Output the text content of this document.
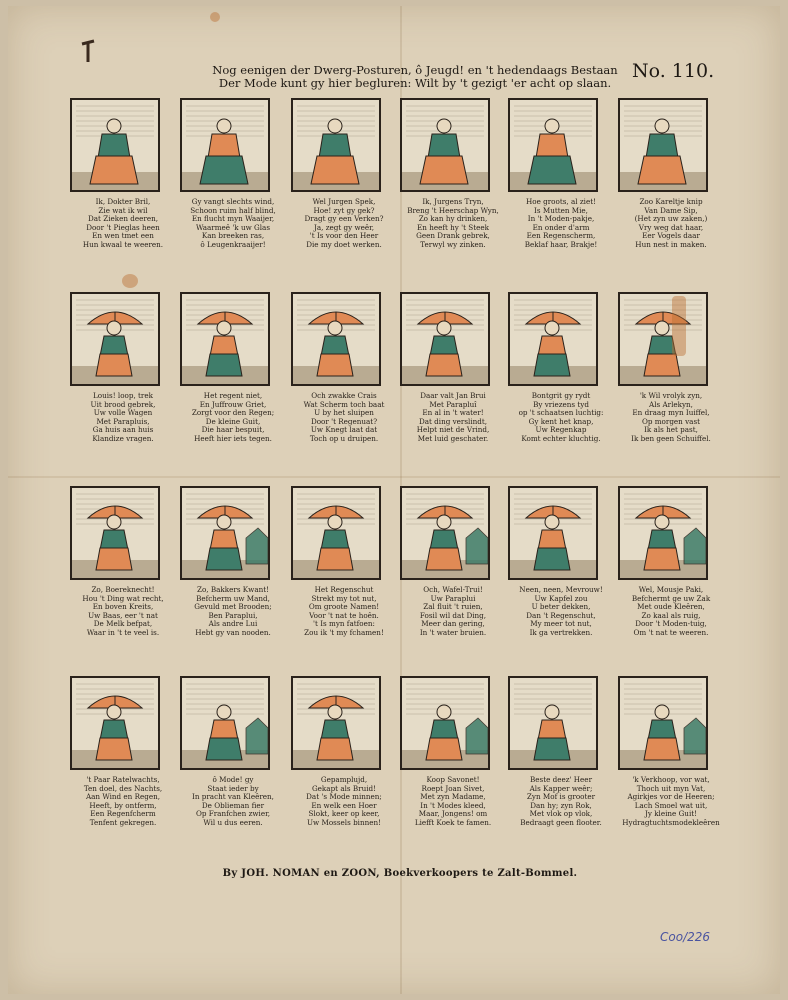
Nog eenigen der Dwerg-Posturen, ô Jeugd! en 't hedendaags Bestaan
Der Mode kunt gy hier begluren: Wilt by 't gezigt 'er acht op slaan.
No. 110.
Ik, Dokter Bril,
Zie wat ik wil
Dat Zieken deeren,
Door 't Pieglas heen
En wen tmet een
Hun kwaal te weeren.
Gy vangt slechts wind,
Schoon ruim half blind,
En flucht myn Waaijer,
Waarmeê 'k uw Glas
Kan breeken ras,
ô Leugenkraaijer!
Wel Jurgen Spek,
Hoe! zyt gy gek?
Dragt gy een Verken?
Ja, zegt gy weêr,
't Is voor den Heer
Die my doet werken.
Ik, Jurgens Tryn,
Breng 't Heerschap Wyn,
Zo kan hy drinken,
En heeft hy 't Steek
Geen Drank gebrek,
Terwyl wy zinken.
Hoe groots, al ziet!
Is Mutten Mie,
In 't Moden-pakje,
En onder d'arm
Een Regenscherm,
Beklaf haar, Brakje!
Zoo Kareltje knip
Van Dame Sip,
(Het zyn uw zaken,)
Vry weg dat haar,
Eer Vogels daar
Hun nest in maken.
Louis! loop, trek
Uit brood gebrek,
Uw volle Wagen
Met Parapluis,
Ga huis aan huis
Klandize vragen.
Het regent niet,
En Juffrouw Griet,
Zorgt voor den Regen;
De kleine Guit,
Die haar bespuit,
Heeft hier iets tegen.
Och zwakke Crais
Wat Scherm toch baat
U by het sluipen
Door 't Regenuat?
Uw Knegt laat dat
Toch op u druipen.
Daar valt Jan Brui
Met Parapluî
En al in 't water!
Dat ding verslindt,
Helpt niet de Vrind,
Met luid geschater.
Bontgrit gy rydt
By vriezens tyd
op 't schaatsen luchtig:
Gy kent het knap,
Uw Regenkap
Komt echter kluchtig.
'k Wil vrolyk zyn,
Als Arlekyn,
En draag myn Iuiffel,
Op morgen vast
Ik als het past,
Ik ben geen Schuiffel.
Zo, Boereknecht!
Hou 't Ding wat recht,
En boven Kreits,
Uw Baas, eer 't nat
De Melk befpat,
Waar in 't te veel is.
Zo, Bakkers Kwant!
Befcherm uw Mand,
Gevuld met Brooden;
Ben Paraplui,
Als andre Lui
Hebt gy van nooden.
Het Regenschut
Strekt my tot nut,
Om groote Namen!
Voor 't nat te hoên.
't Is myn fatfoen:
Zou ik 't my fchamen!
Och, Wafel-Trui!
Uw Paraplui
Zal fluit 't ruien,
Fosil wil dat Ding,
Meer dan gering,
In 't water bruien.
Neen, neen, Mevrouw!
Uw Kapfel zou
U beter dekken,
Dan 't Regenschut,
My meer tot nut,
Ik ga vertrekken.
Wel, Mousje Paki,
Befchermt ge uw Zak
Met oude Kleêren,
Zo kaal als ruig,
Door 't Moden-tuig,
Om 't nat te weeren.
't Paar Ratelwachts,
Ten doel, des Nachts,
Aan Wind en Regen,
Heeft, by ontferm,
Een Regenfcherm
Tenfent gekregen.
ô Mode! gy
Staat ieder by
In pracht van Kleêren,
De Oblieman fier
Op Franfchen zwier,
Wil u dus eeren.
Gepamplujd,
Gekapt als Bruid!
Dat 's Mode minnen;
En welk een Hoer
Slokt, keer op keer,
Uw Mossels binnen!
Koop Savonet!
Roept Joan Sivet,
Met zyn Madame,
In 't Modes kleed,
Maar, Jongens! om
Liefft Koek te famen.
Beste deez' Heer
Als Kapper weêr;
Zyn Mof is grooter
Dan hy; zyn Rok,
Met vlok op vlok,
Bedraagt geen flooter.
'k Verkhoop, vor wat,
Thoch uit myn Vat,
Agirkjes vor de Heeren;
Lach Smoel wat uit,
Jy kleine Guit!
Hydragtuchtsmodekleêren
By JOH. NOMAN en ZOON, Boekverkoopers te Zalt-Bommel.
Coo/226
